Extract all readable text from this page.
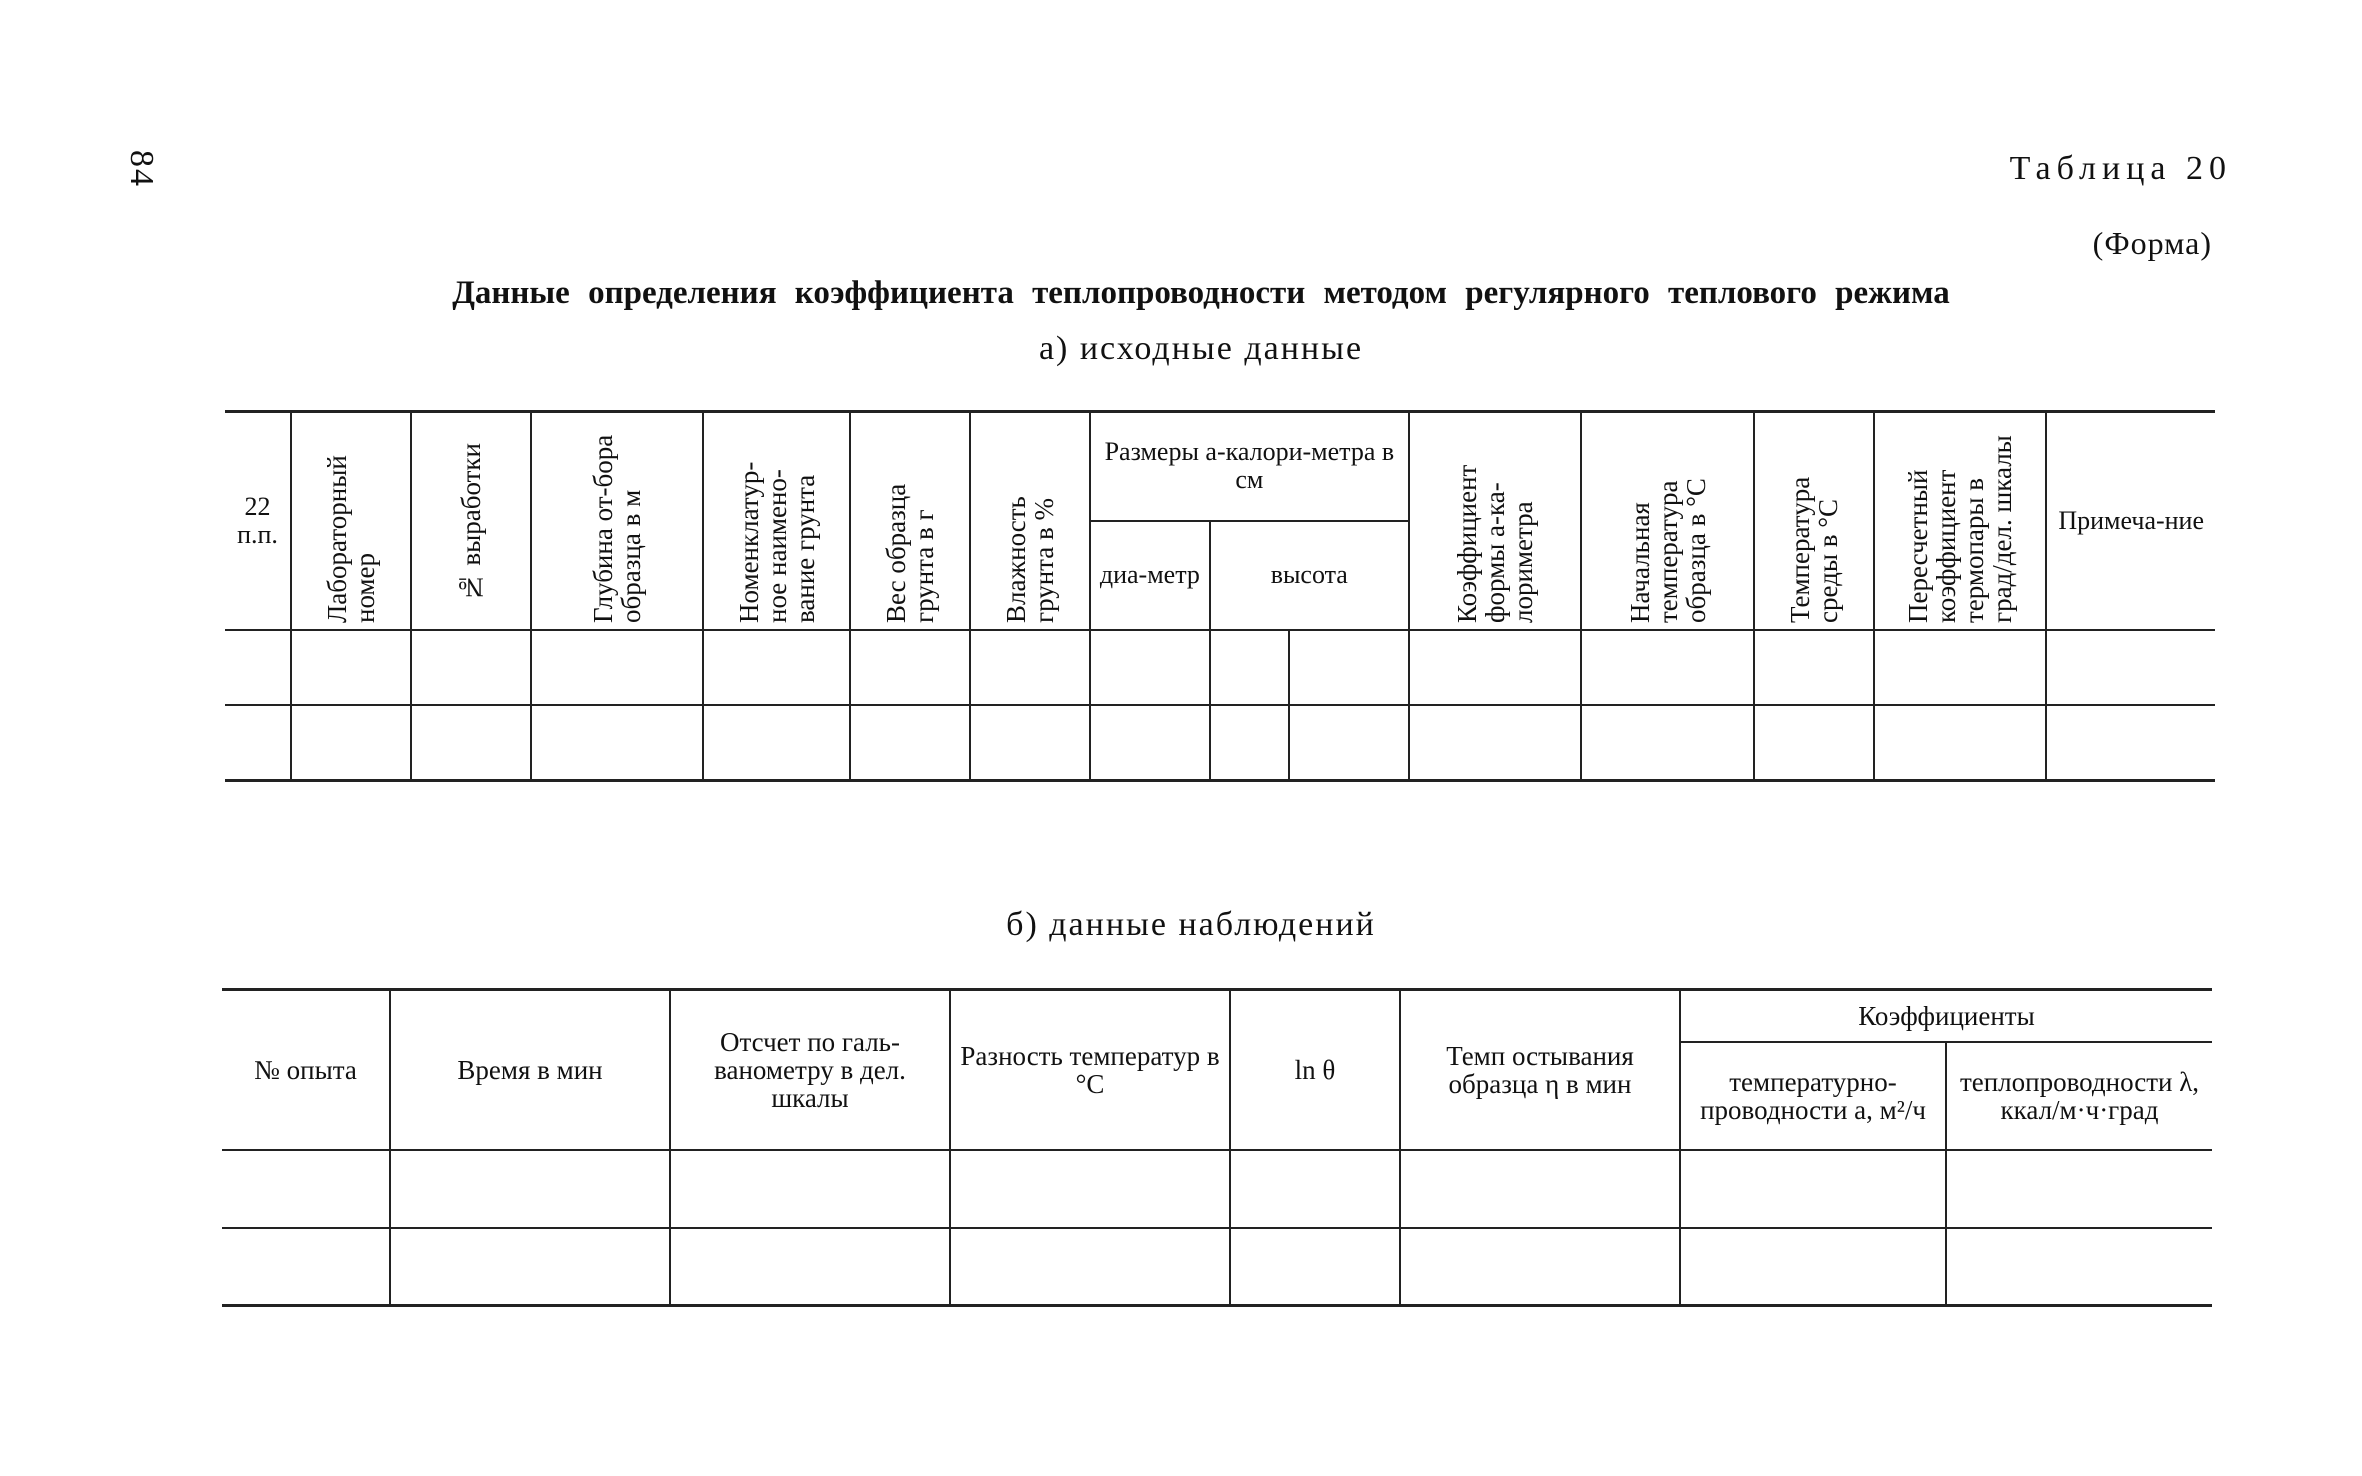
84	Таблица 20
(Форма)
Данные определения коэффициента теплопроводности методом регулярного теплового режима
а) исходные данные
22 п.п.	Лабораторный номер	№ выработки	Глубина от-бора образца в м	Номенклатур-ное наимено-вание грунта	Вес образца грунта в г	Влажность грунта в %	Размеры а-калори-метра в см			Коэффициент формы а-ка-лориметра	Начальная температура образца в °С	Температура среды в °С	Пересчетный коэффициент термопары в град/дел. шкалы	Примеча-ние
							диа-метр	высота						

б) данные наблюдений
№ опыта	Время в мин	Отсчет по галь-ванометру в дел. шкалы	Разность температур в °С	ln θ	Темп остывания образца η в мин	Коэффициенты	
						температурно-проводности а, м²/ч	теплопроводности λ, ккал/м·ч·град
